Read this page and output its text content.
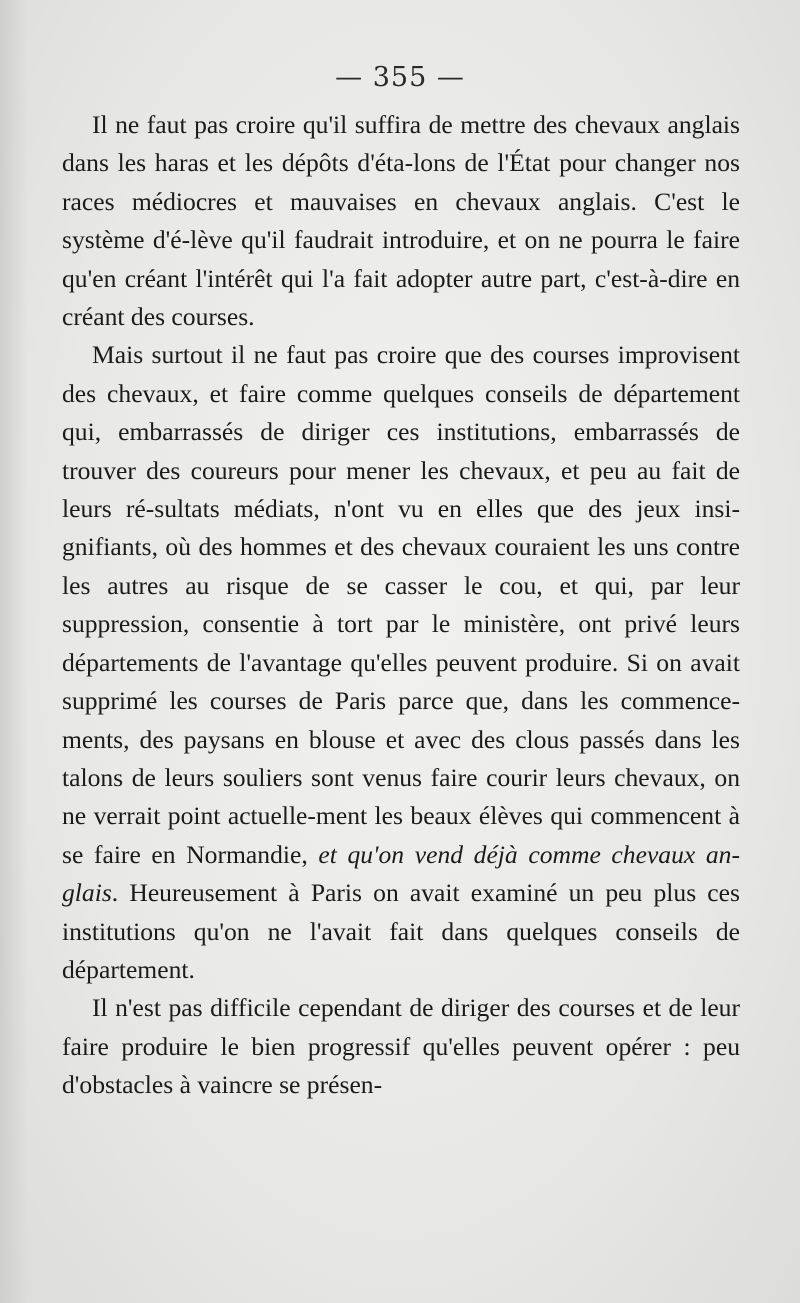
— 355 —

Il ne faut pas croire qu'il suffira de mettre des chevaux anglais dans les haras et les dépôts d'éta-lons de l'État pour changer nos races médiocres et mauvaises en chevaux anglais. C'est le système d'é-lève qu'il faudrait introduire, et on ne pourra le faire qu'en créant l'intérêt qui l'a fait adopter autre part, c'est-à-dire en créant des courses.

Mais surtout il ne faut pas croire que des courses improvisent des chevaux, et faire comme quelques conseils de département qui, embarrassés de diriger ces institutions, embarrassés de trouver des coureurs pour mener les chevaux, et peu au fait de leurs ré-sultats médiats, n'ont vu en elles que des jeux insi-gnifiants, où des hommes et des chevaux couraient les uns contre les autres au risque de se casser le cou, et qui, par leur suppression, consentie à tort par le ministère, ont privé leurs départements de l'avantage qu'elles peuvent produire. Si on avait supprimé les courses de Paris parce que, dans les commence-ments, des paysans en blouse et avec des clous passés dans les talons de leurs souliers sont venus faire courir leurs chevaux, on ne verrait point actuelle-ment les beaux élèves qui commencent à se faire en Normandie, et qu'on vend déjà comme chevaux an-glais. Heureusement à Paris on avait examiné un peu plus ces institutions qu'on ne l'avait fait dans quelques conseils de département.

Il n'est pas difficile cependant de diriger des courses et de leur faire produire le bien progressif qu'elles peuvent opérer : peu d'obstacles à vaincre se présen-
